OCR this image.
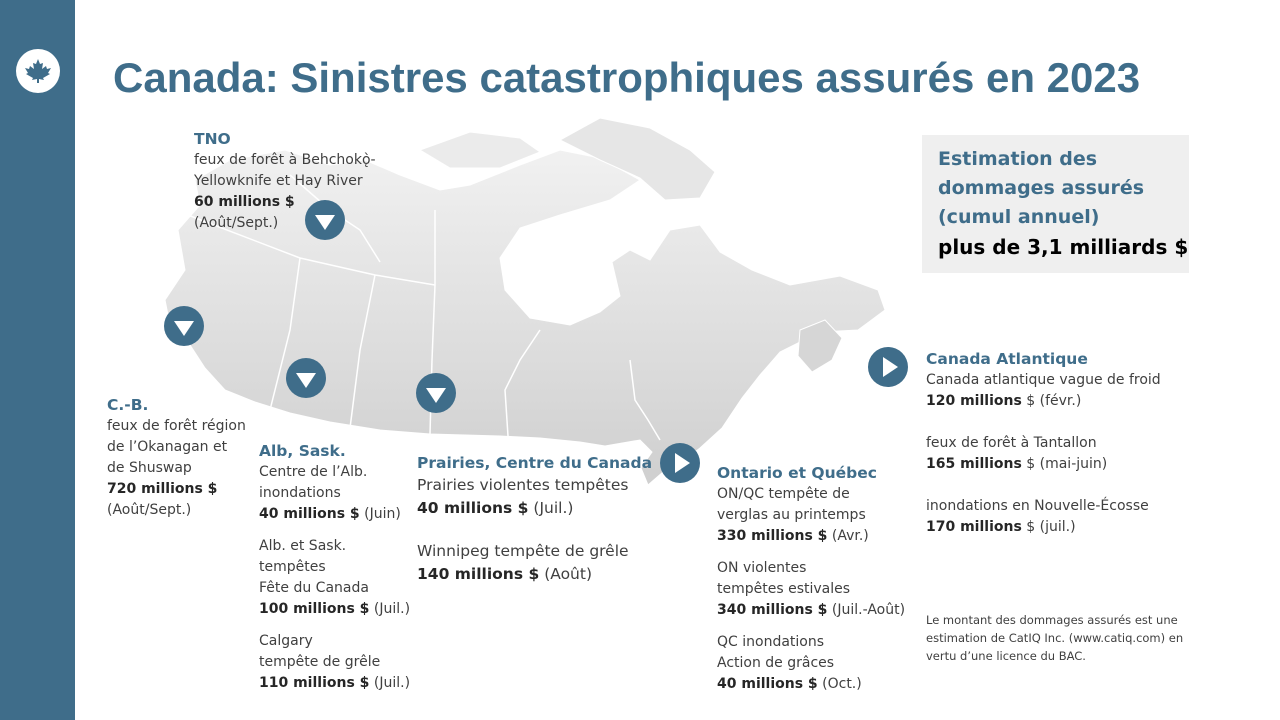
Canada: Sinistres catastrophiques assurés en 2023
TNO
feux de forêt à Behchokǫ̀-
Yellowknife et Hay River
60 millions $
(Août/Sept.)
C.-B.
feux de forêt région
de l’Okanagan et
de Shuswap
720 millions $
(Août/Sept.)
Alb, Sask.
Centre de l’Alb.
inondations
40 millions $ (Juin)
Alb. et Sask.
tempêtes
Fête du Canada
100 millions $ (Juil.)
Calgary
tempête de grêle
110 millions $ (Juil.)
Prairies, Centre du Canada
Prairies violentes tempêtes
40 millions $ (Juil.)
Winnipeg tempête de grêle
140 millions $ (Août)
Ontario et Québec
ON/QC tempête de
verglas au printemps
330 millions $ (Avr.)
ON violentes
tempêtes estivales
340 millions $ (Juil.-Août)
QC inondations
Action de grâces
40 millions $ (Oct.)
Canada Atlantique
Canada atlantique vague de froid
120 millions $ (févr.)
feux de forêt à Tantallon
165 millions $ (mai-juin)
inondations en Nouvelle-Écosse
170 millions $ (juil.)
Estimation des
dommages assurés
(cumul annuel)
plus de 3,1 milliards $
Le montant des dommages assurés est une estimation de CatIQ Inc. (www.catiq.com) en vertu d’une licence du BAC.
